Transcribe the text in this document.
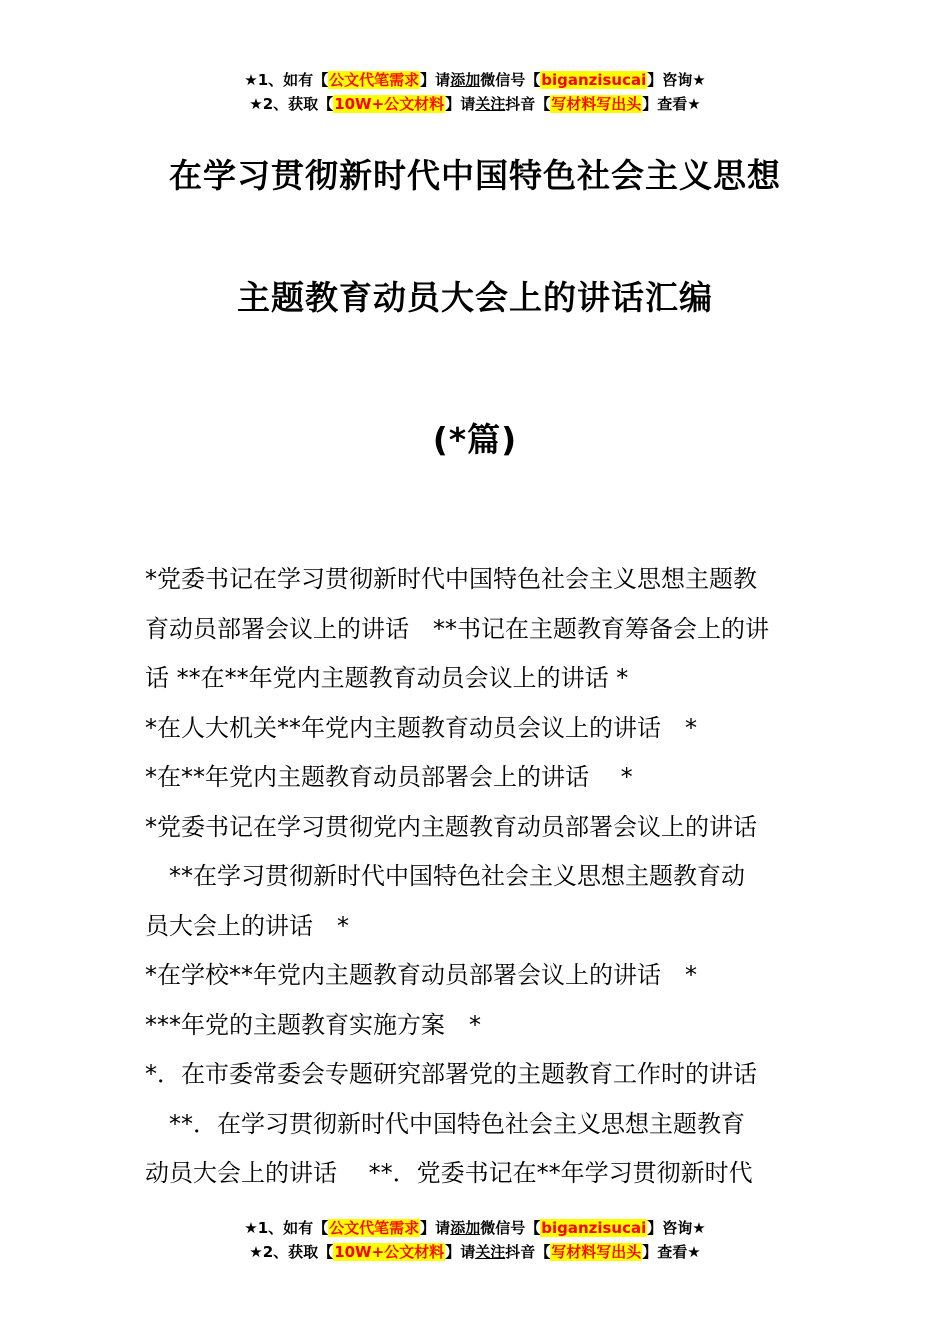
★1、如有【公文代笔需求】请添加微信号【biganzisucai】咨询★
★2、获取【10W+公文材料】请关注抖音【写材料写出头】查看★
在学习贯彻新时代中国特色社会主义思想
主题教育动员大会上的讲话汇编
(*篇)
*党委书记在学习贯彻新时代中国特色社会主义思想主题教
育动员部署会议上的讲话　**书记在主题教育筹备会上的讲
话 **在**年党内主题教育动员会议上的讲话 *
*在人大机关**年党内主题教育动员会议上的讲话　*
*在**年党内主题教育动员部署会上的讲话　 *
*党委书记在学习贯彻党内主题教育动员部署会议上的讲话
　**在学习贯彻新时代中国特色社会主义思想主题教育动
员大会上的讲话　*
*在学校**年党内主题教育动员部署会议上的讲话　*
***年党的主题教育实施方案　*
*．在市委常委会专题研究部署党的主题教育工作时的讲话
　**．在学习贯彻新时代中国特色社会主义思想主题教育
动员大会上的讲话　 **．党委书记在**年学习贯彻新时代
★1、如有【公文代笔需求】请添加微信号【biganzisucai】咨询★
★2、获取【10W+公文材料】请关注抖音【写材料写出头】查看★
